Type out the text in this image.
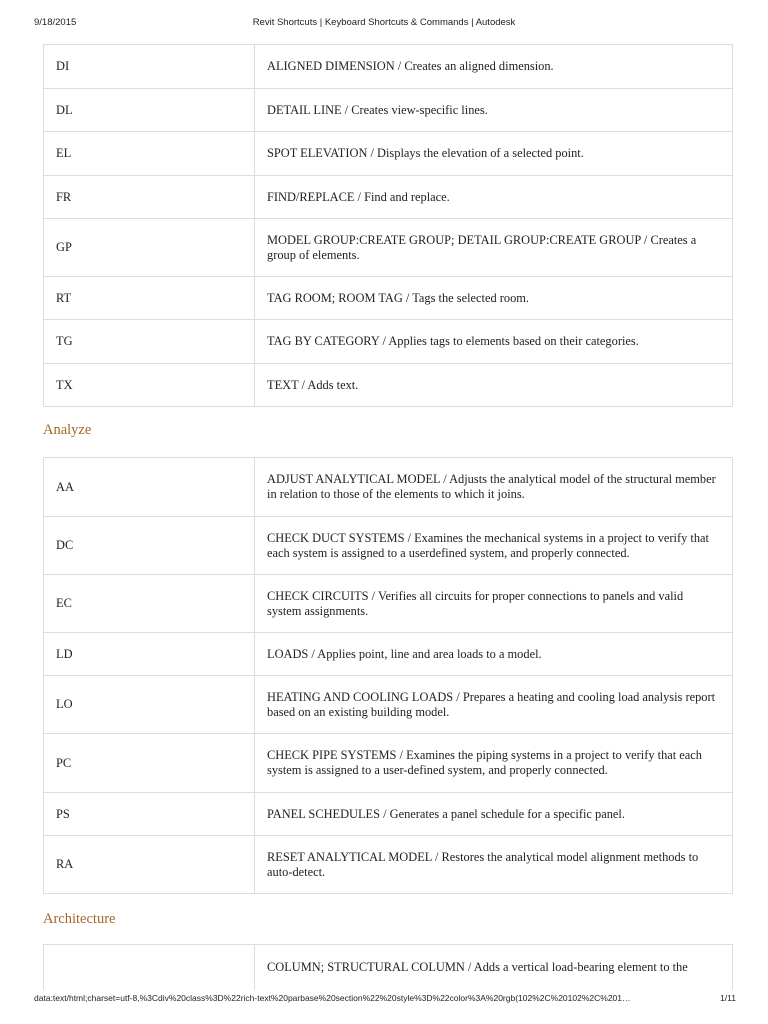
9/18/2015	Revit Shortcuts | Keyboard Shortcuts & Commands | Autodesk
DI	ALIGNED DIMENSION / Creates an aligned dimension.
DL	DETAIL LINE / Creates view-specific lines.
EL	SPOT ELEVATION / Displays the elevation of a selected point.
FR	FIND/REPLACE / Find and replace.
GP	MODEL GROUP:CREATE GROUP; DETAIL GROUP:CREATE GROUP / Creates a group of elements.
RT	TAG ROOM; ROOM TAG / Tags the selected room.
TG	TAG BY CATEGORY / Applies tags to elements based on their categories.
TX	TEXT / Adds text.
Analyze
AA	ADJUST ANALYTICAL MODEL / Adjusts the analytical model of the structural member in relation to those of the elements to which it joins.
DC	CHECK DUCT SYSTEMS / Examines the mechanical systems in a project to verify that each system is assigned to a userdefined system, and properly connected.
EC	CHECK CIRCUITS / Verifies all circuits for proper connections to panels and valid system assignments.
LD	LOADS / Applies point, line and area loads to a model.
LO	HEATING AND COOLING LOADS / Prepares a heating and cooling load analysis report based on an existing building model.
PC	CHECK PIPE SYSTEMS / Examines the piping systems in a project to verify that each system is assigned to a user-defined system, and properly connected.
PS	PANEL SCHEDULES / Generates a panel schedule for a specific panel.
RA	RESET ANALYTICAL MODEL / Restores the analytical model alignment methods to auto-detect.
Architecture
	COLUMN; STRUCTURAL COLUMN / Adds a vertical load-bearing element to the
data:text/html;charset=utf-8,%3Cdiv%20class%3D%22rich-text%20parbase%20section%22%20style%3D%22color%3A%20rgb(102%2C%20102%2C%201…	1/11
